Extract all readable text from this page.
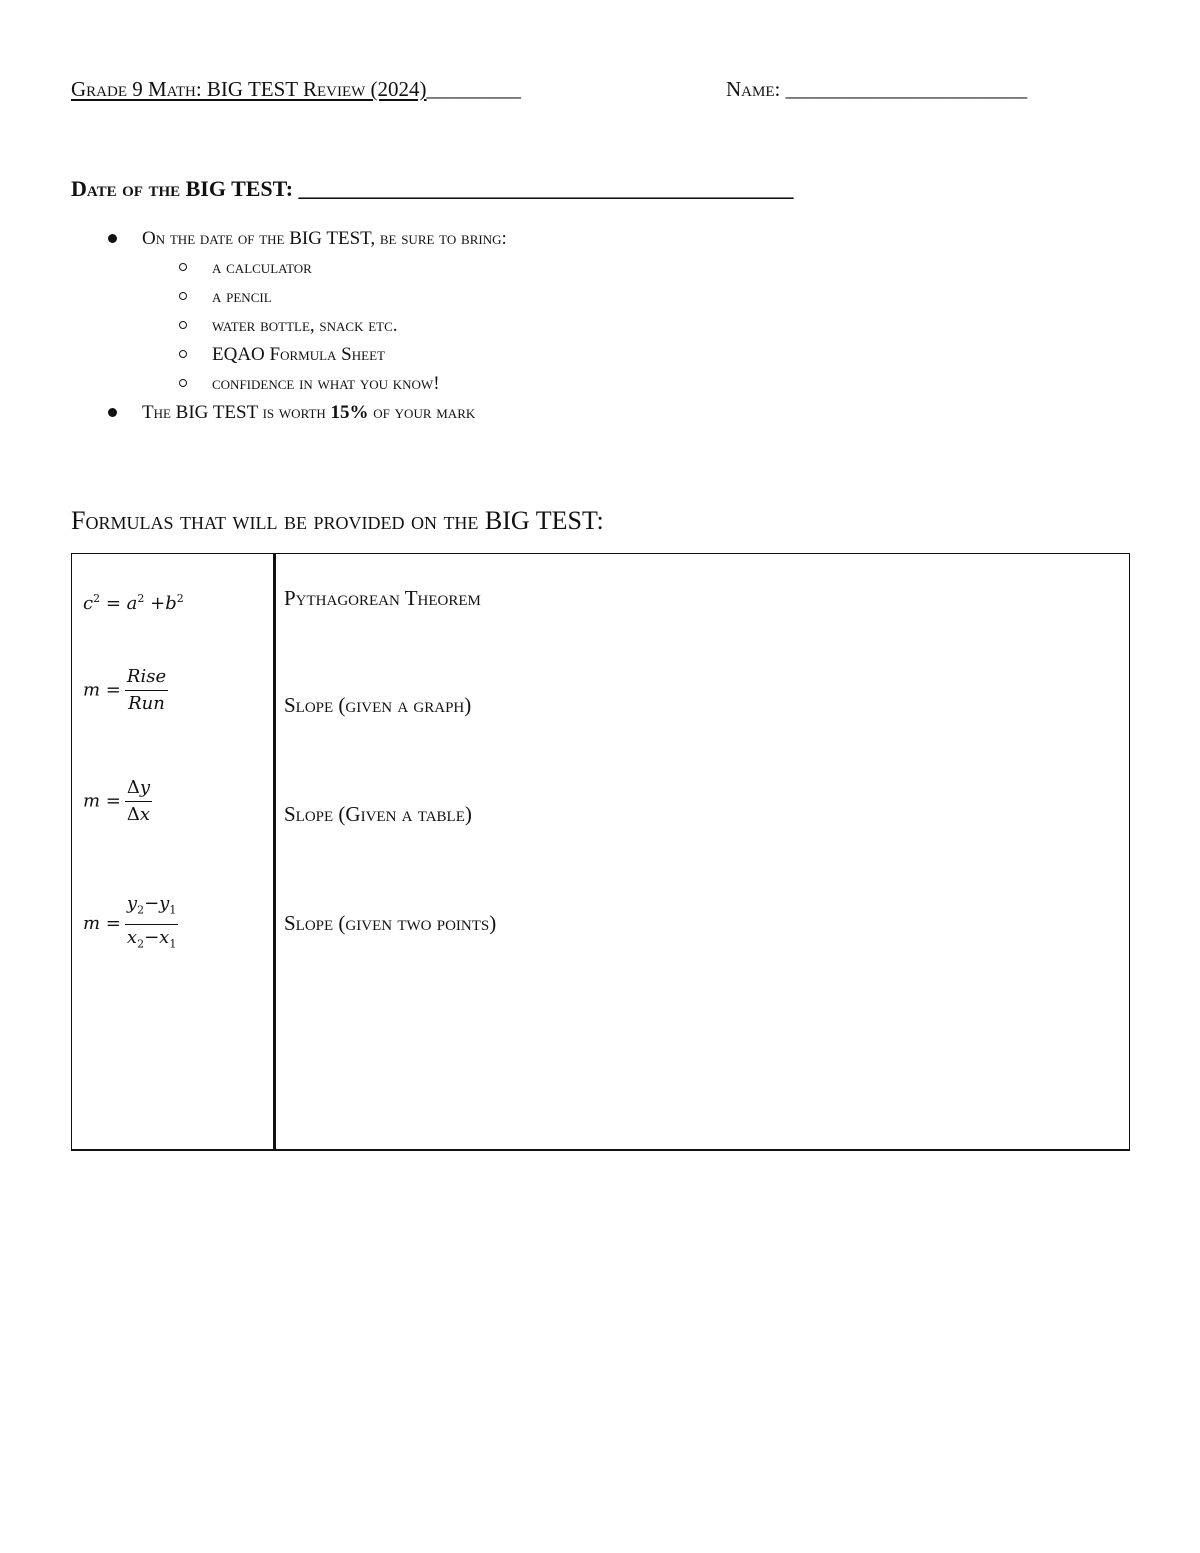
Grade 9 Math: BIG TEST Review (2024)_________	Name: _______________________
Date of the BIG TEST: _____________________________________________
On the date of the BIG TEST, be sure to bring:
a calculator
a pencil
water bottle, snack etc.
EQAO Formula Sheet
confidence in what you know!
The BIG TEST is worth 15% of your mark
Formulas that will be provided on the BIG TEST:
$c^2 = a^2 +b^2$	Pythagorean Theorem
$m = \frac{\text{Rise}}{\text{Run}}$	Slope (given a graph)
$m = \frac{\Delta y}{\Delta x}$	Slope (Given a table)
$m = \frac{y_2-y_1}{x_2-x_1}$	Slope (given two points)
